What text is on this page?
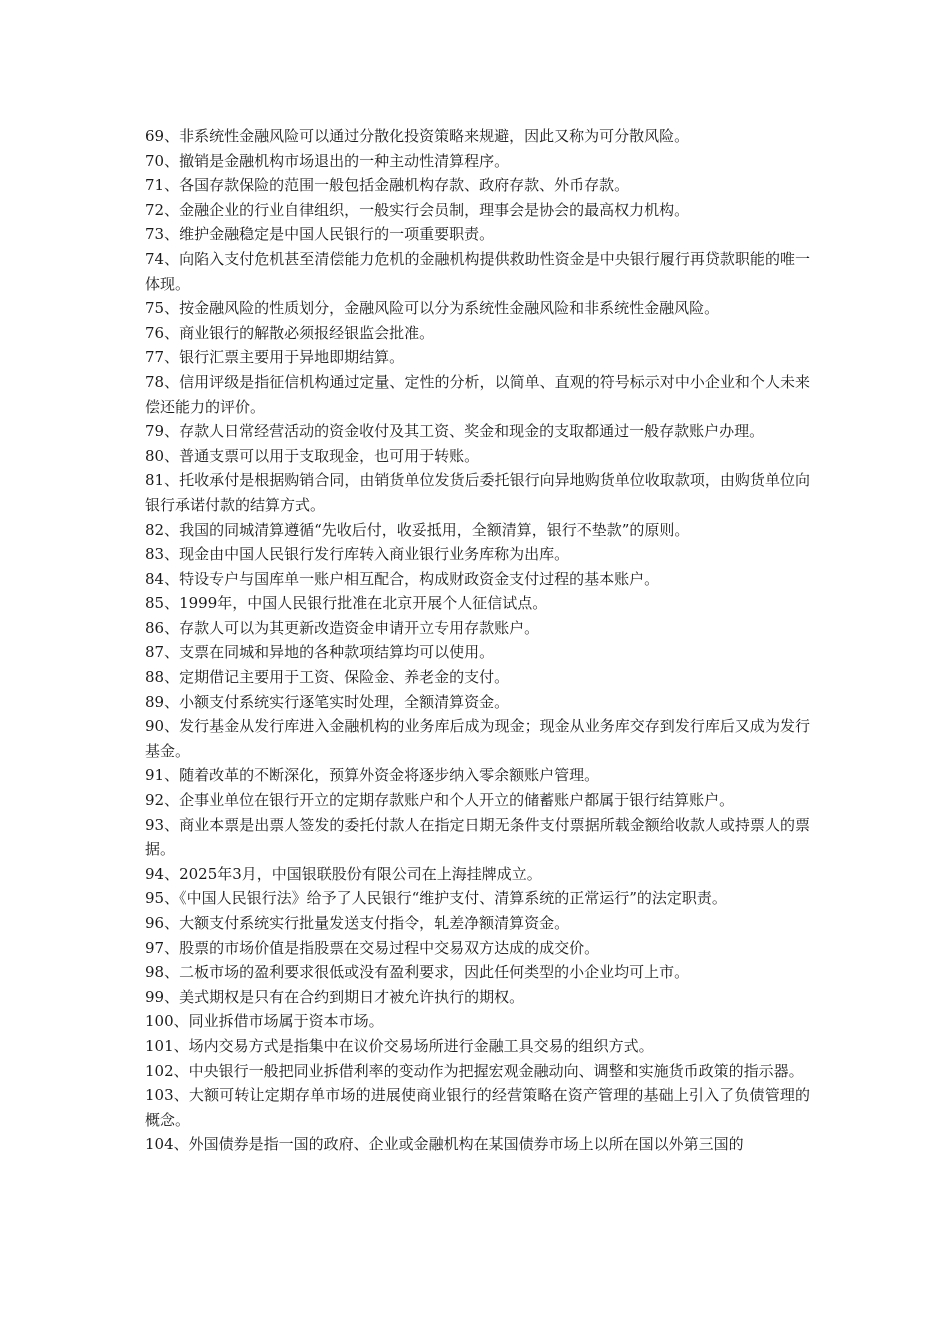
69、非系统性金融风险可以通过分散化投资策略来规避，因此又称为可分散风险。

70、撤销是金融机构市场退出的一种主动性清算程序。

71、各国存款保险的范围一般包括金融机构存款、政府存款、外币存款。

72、金融企业的行业自律组织，一般实行会员制，理事会是协会的最高权力机构。

73、维护金融稳定是中国人民银行的一项重要职责。

74、向陷入支付危机甚至清偿能力危机的金融机构提供救助性资金是中央银行履行再贷款职能的唯一体现。

75、按金融风险的性质划分，金融风险可以分为系统性金融风险和非系统性金融风险。

76、商业银行的解散必须报经银监会批准。

77、银行汇票主要用于异地即期结算。

78、信用评级是指征信机构通过定量、定性的分析，以简单、直观的符号标示对中小企业和个人未来偿还能力的评价。

79、存款人日常经营活动的资金收付及其工资、奖金和现金的支取都通过一般存款账户办理。

80、普通支票可以用于支取现金，也可用于转账。

81、托收承付是根据购销合同，由销货单位发货后委托银行向异地购货单位收取款项，由购货单位向银行承诺付款的结算方式。

82、我国的同城清算遵循“先收后付，收妥抵用，全额清算，银行不垫款”的原则。

83、现金由中国人民银行发行库转入商业银行业务库称为出库。

84、特设专户与国库单一账户相互配合，构成财政资金支付过程的基本账户。

85、1999年，中国人民银行批准在北京开展个人征信试点。

86、存款人可以为其更新改造资金申请开立专用存款账户。

87、支票在同城和异地的各种款项结算均可以使用。

88、定期借记主要用于工资、保险金、养老金的支付。

89、小额支付系统实行逐笔实时处理，全额清算资金。

90、发行基金从发行库进入金融机构的业务库后成为现金；现金从业务库交存到发行库后又成为发行基金。

91、随着改革的不断深化，预算外资金将逐步纳入零余额账户管理。

92、企事业单位在银行开立的定期存款账户和个人开立的储蓄账户都属于银行结算账户。

93、商业本票是出票人签发的委托付款人在指定日期无条件支付票据所载金额给收款人或持票人的票据。

94、2025年3月，中国银联股份有限公司在上海挂牌成立。

95、《中国人民银行法》给予了人民银行“维护支付、清算系统的正常运行”的法定职责。

96、大额支付系统实行批量发送支付指令，轧差净额清算资金。

97、股票的市场价值是指股票在交易过程中交易双方达成的成交价。

98、二板市场的盈利要求很低或没有盈利要求，因此任何类型的小企业均可上市。

99、美式期权是只有在合约到期日才被允许执行的期权。

100、同业拆借市场属于资本市场。

101、场内交易方式是指集中在议价交易场所进行金融工具交易的组织方式。

102、中央银行一般把同业拆借利率的变动作为把握宏观金融动向、调整和实施货币政策的指示器。

103、大额可转让定期存单市场的进展使商业银行的经营策略在资产管理的基础上引入了负债管理的概念。

104、外国债券是指一国的政府、企业或金融机构在某国债券市场上以所在国以外第三国的
